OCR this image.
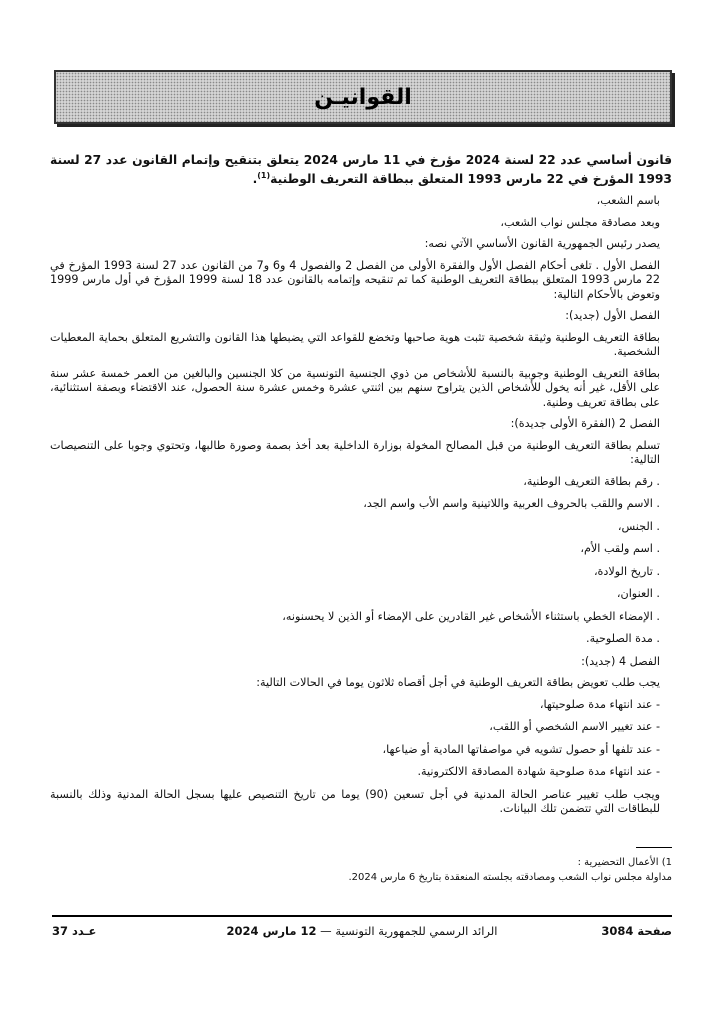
القوانيـن
قانون أساسي عدد 22 لسنة 2024 مؤرخ في 11 مارس 2024 يتعلق بتنقيح وإتمام القانون عدد 27 لسنة 1993 المؤرخ في 22 مارس 1993 المتعلق ببطاقة التعريف الوطنية$^{(1)}$.

باسم الشعب،

وبعد مصادقة مجلس نواب الشعب،

يصدر رئيس الجمهورية القانون الأساسي الآتي نصه:

الفصل الأول . تلغى أحكام الفصل الأول والفقرة الأولى من الفصل 2 والفصول 4 و6 و7 من القانون عدد 27 لسنة 1993 المؤرخ في 22 مارس 1993 المتعلق ببطاقة التعريف الوطنية كما تم تنقيحه وإتمامه بالقانون عدد 18 لسنة 1999 المؤرخ في أول مارس 1999 وتعوض بالأحكام التالية:

الفصل الأول (جديد):

بطاقة التعريف الوطنية وثيقة شخصية تثبت هوية صاحبها وتخضع للقواعد التي يضبطها هذا القانون والتشريع المتعلق بحماية المعطيات الشخصية.

بطاقة التعريف الوطنية وجوبية بالنسبة للأشخاص من ذوي الجنسية التونسية من كلا الجنسين والبالغين من العمر خمسة عشر سنة على الأقل، غير أنه يخول للأشخاص الذين يتراوح سنهم بين اثنتي عشرة وخمس عشرة سنة الحصول، عند الاقتضاء وبصفة استثنائية، على بطاقة تعريف وطنية.

الفصل 2 (الفقرة الأولى جديدة):

تسلم بطاقة التعريف الوطنية من قبل المصالح المخولة بوزارة الداخلية بعد أخذ بصمة وصورة طالبها، وتحتوي وجوبا على التنصيصات التالية:

. رقم بطاقة التعريف الوطنية،
. الاسم واللقب بالحروف العربية واللاتينية واسم الأب واسم الجد،
. الجنس،
. اسم ولقب الأم،
. تاريخ الولادة،
. العنوان،
. الإمضاء الخطي باستثناء الأشخاص غير القادرين على الإمضاء أو الذين لا يحسنونه،
. مدة الصلوحية.

الفصل 4 (جديد):

يجب طلب تعويض بطاقة التعريف الوطنية في أجل أقصاه ثلاثون يوما في الحالات التالية:

- عند انتهاء مدة صلوحيتها،
- عند تغيير الاسم الشخصي أو اللقب،
- عند تلفها أو حصول تشويه في مواصفاتها المادية أو ضياعها،
- عند انتهاء مدة صلوحية شهادة المصادقة الالكترونية.

ويجب طلب تغيير عناصر الحالة المدنية في أجل تسعين (90) يوما من تاريخ التنصيص عليها بسجل الحالة المدنية وذلك بالنسبة للبطاقات التي تتضمن تلك البيانات.

1) الأعمال التحضيرية :
مداولة مجلس نواب الشعب ومصادقته بجلسته المنعقدة بتاريخ 6 مارس 2024.
صفحة 3084
الرائد الرسمي للجمهورية التونسية — 12 مارس 2024
عـدد 37
